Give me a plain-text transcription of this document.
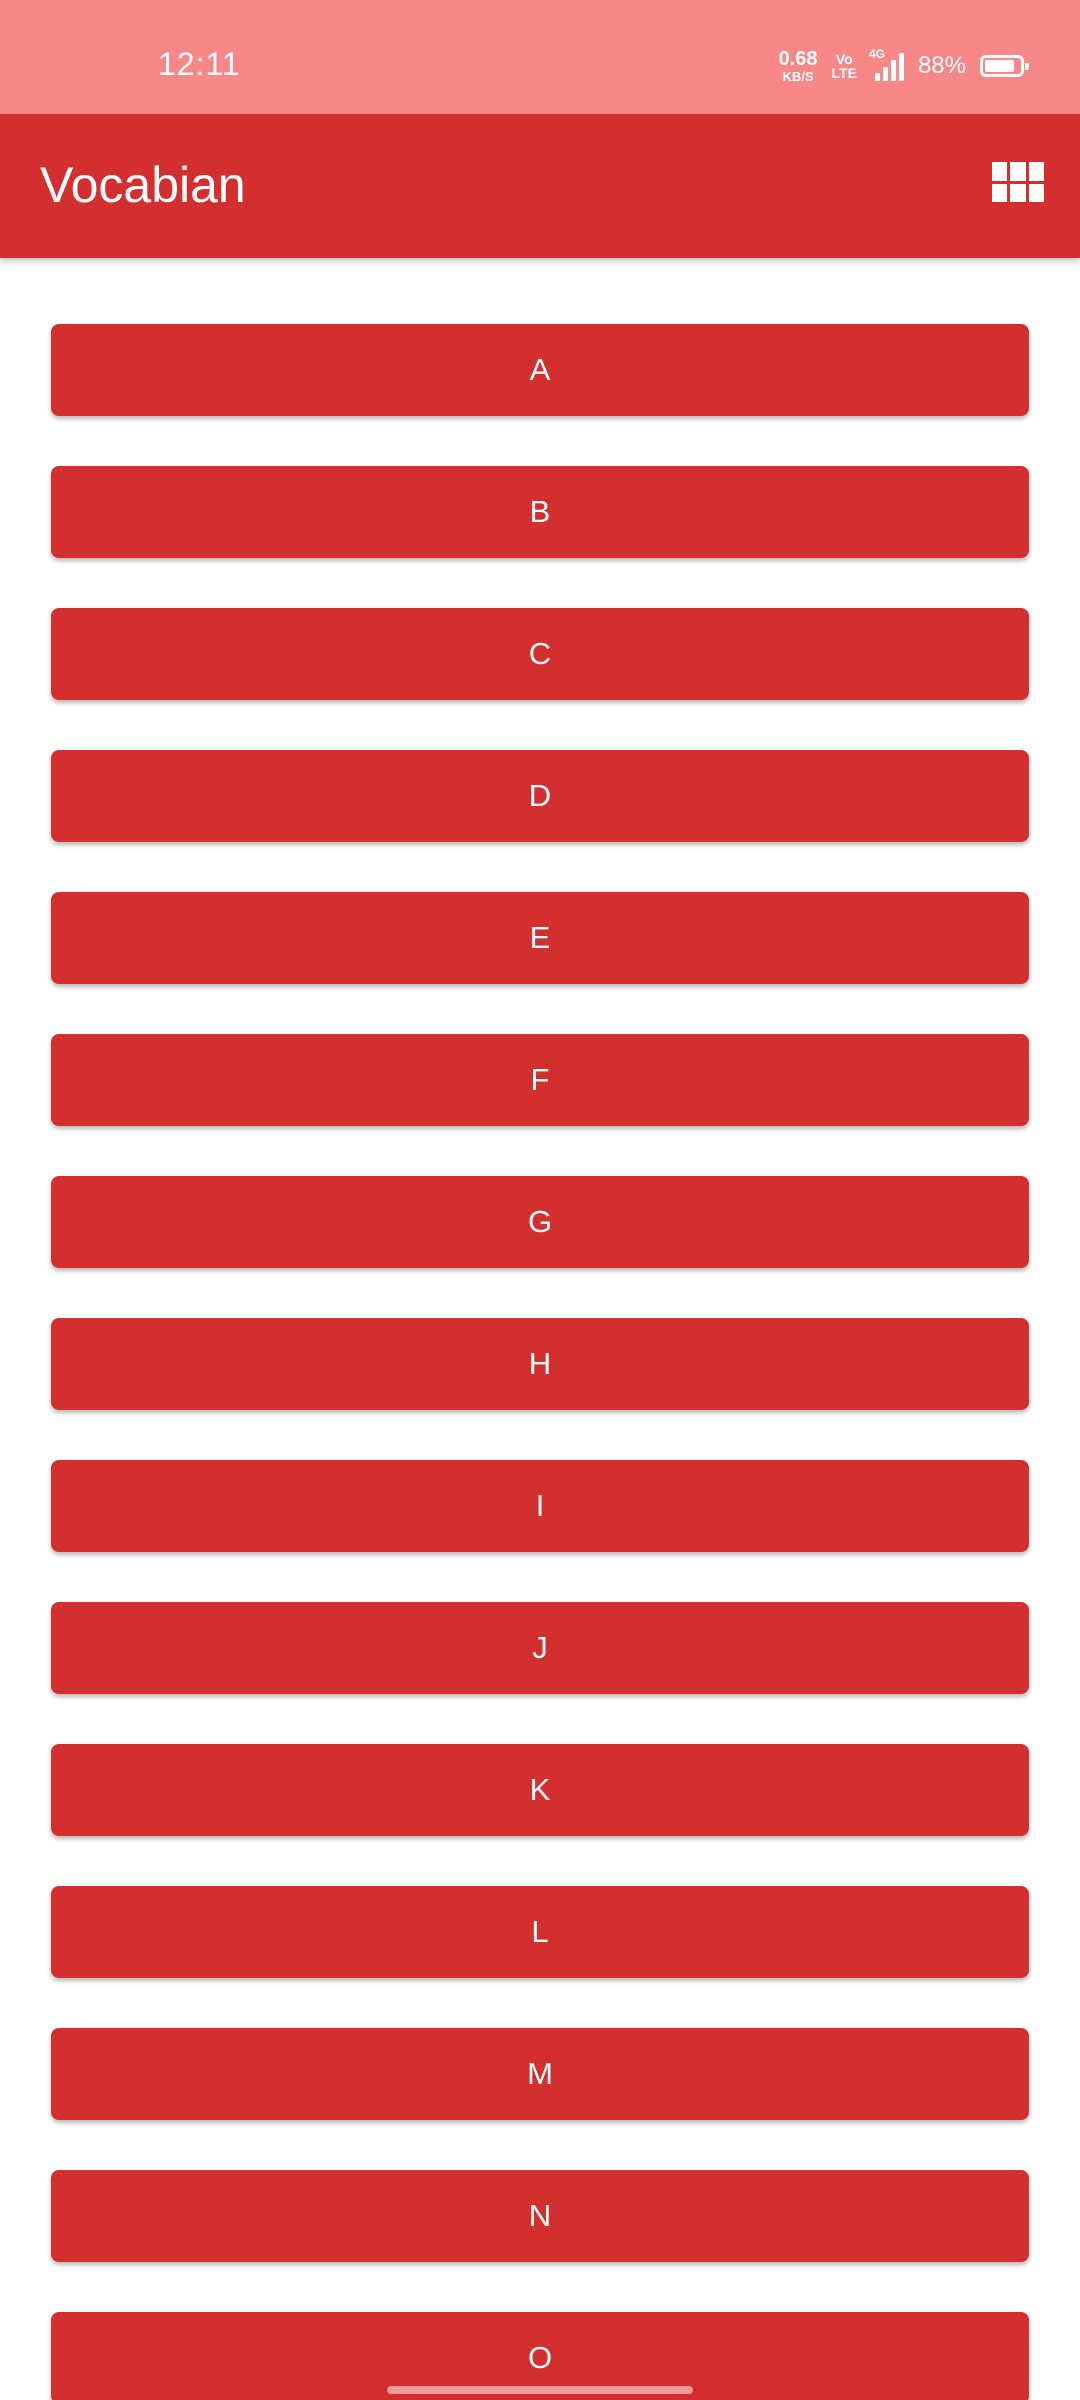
12:11	0.68
KB/S
Vo
LTE
4G 88%
Vocabian
A
B
C
D
E
F
G
H
I
J
K
L
M
N
O
